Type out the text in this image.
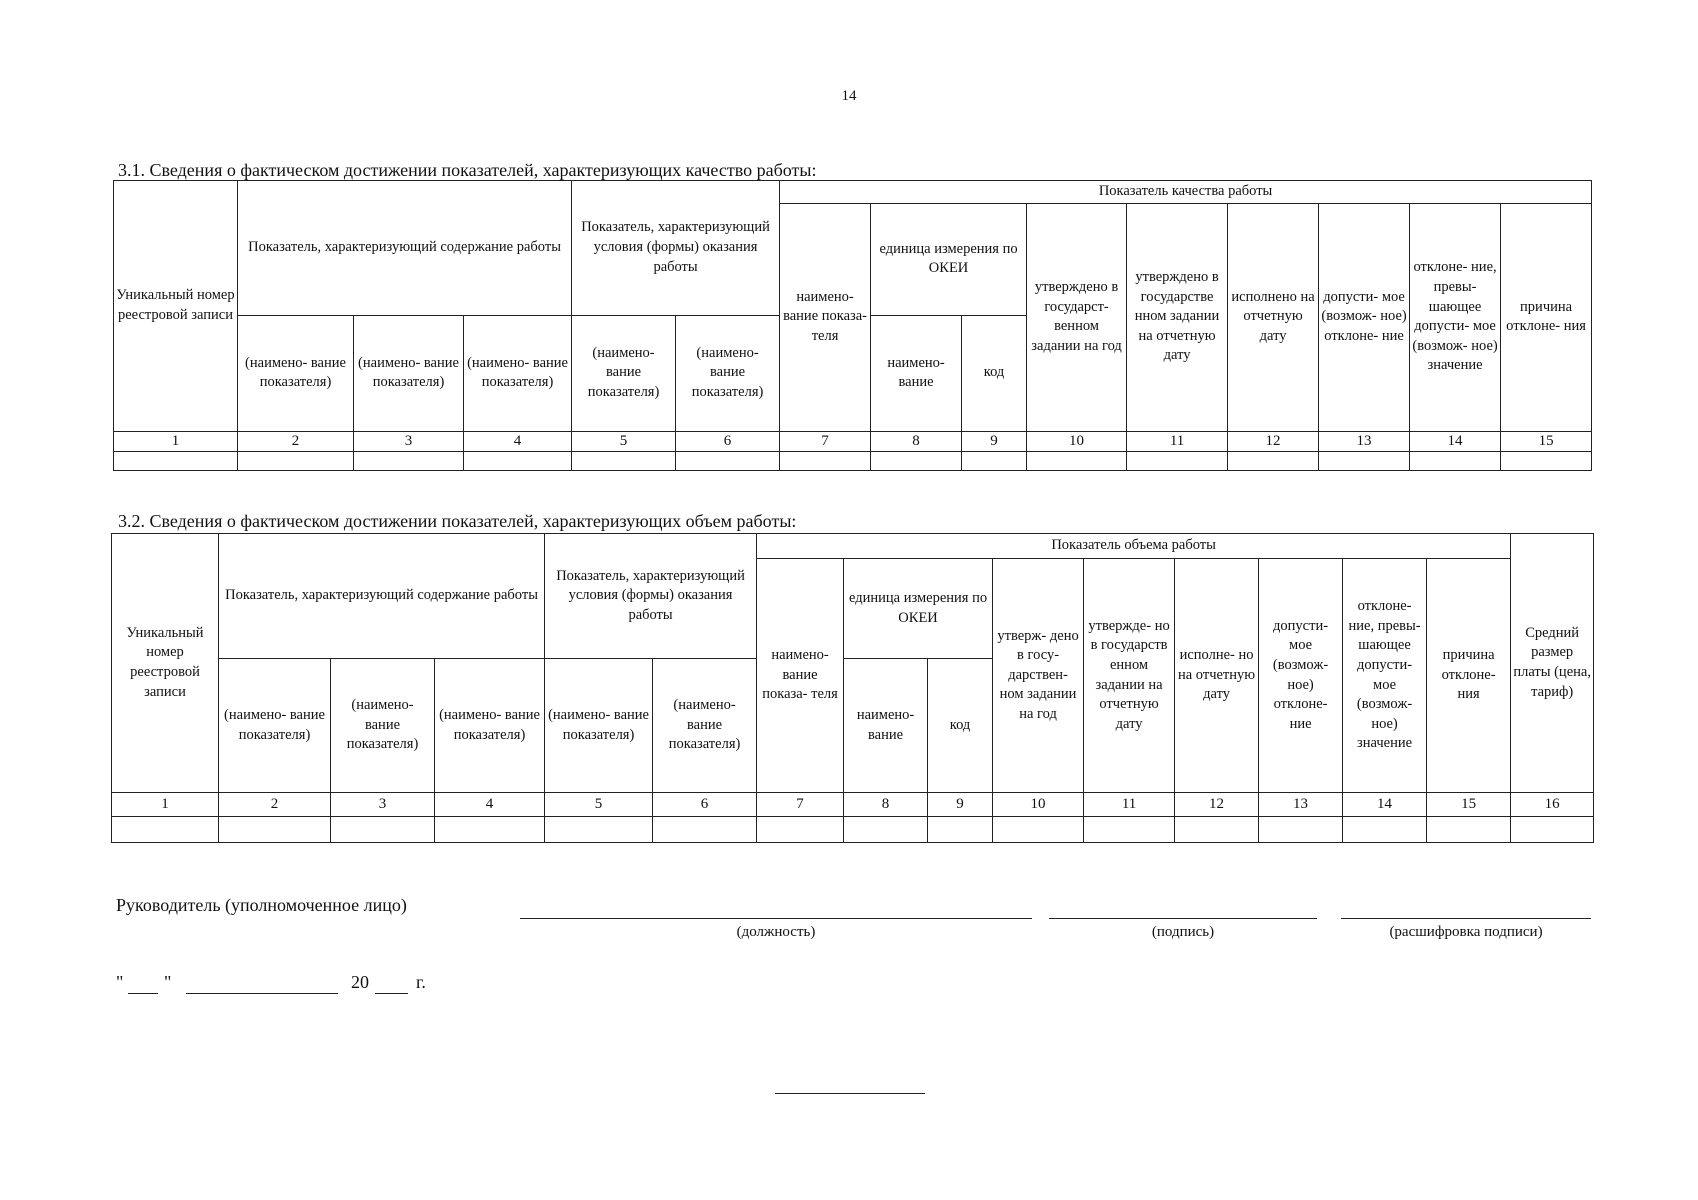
14
3.1. Сведения о фактическом достижении показателей, характеризующих качество работы:
Уникальный номер реестровой записи	Показатель, характеризующий содержание работы			Показатель, характеризующий условия (формы) оказания работы		Показатель качества работы								
						наимено- вание показа- теля	единица измерения по ОКЕИ		утверждено в государст- венном задании на год	утверждено в государстве нном задании на отчетную дату	исполнено на отчетную дату	допусти- мое (возмож- ное) отклоне- ние	отклоне- ние, превы- шающее допусти- мое (возмож- ное) значение	причина отклоне- ния
	(наимено- вание показателя)	(наимено- вание показателя)	(наимено- вание показателя)	(наимено- вание показателя)	(наимено- вание показателя)		наимено- вание	код						
1	2	3	4	5	6	7	8	9	10	11	12	13	14	15

3.2. Сведения о фактическом достижении показателей, характеризующих объем работы:
Уникальный номер реестровой записи	Показатель, характеризующий содержание работы			Показатель, характеризующий условия (формы) оказания работы		Показатель объема работы									Средний размер платы (цена, тариф)
						наимено- вание показа- теля	единица измерения по ОКЕИ		утверж- дено в госу- дарствен- ном задании на год	утвержде- но в государств енном задании на отчетную дату	исполне- но на отчетную дату	допусти- мое (возмож- ное) отклоне- ние	отклоне- ние, превы- шающее допусти- мое (возмож- ное) значение	причина отклоне- ния	
	(наимено- вание показателя)	(наимено- вание показателя)	(наимено- вание показателя)	(наимено- вание показателя)	(наимено- вание показателя)		наимено- вание	код							
1	2	3	4	5	6	7	8	9	10	11	12	13	14	15	16

Руководитель (уполномоченное лицо)
(должность)	(подпись)	(расшифровка подписи)
" "	20	г.
